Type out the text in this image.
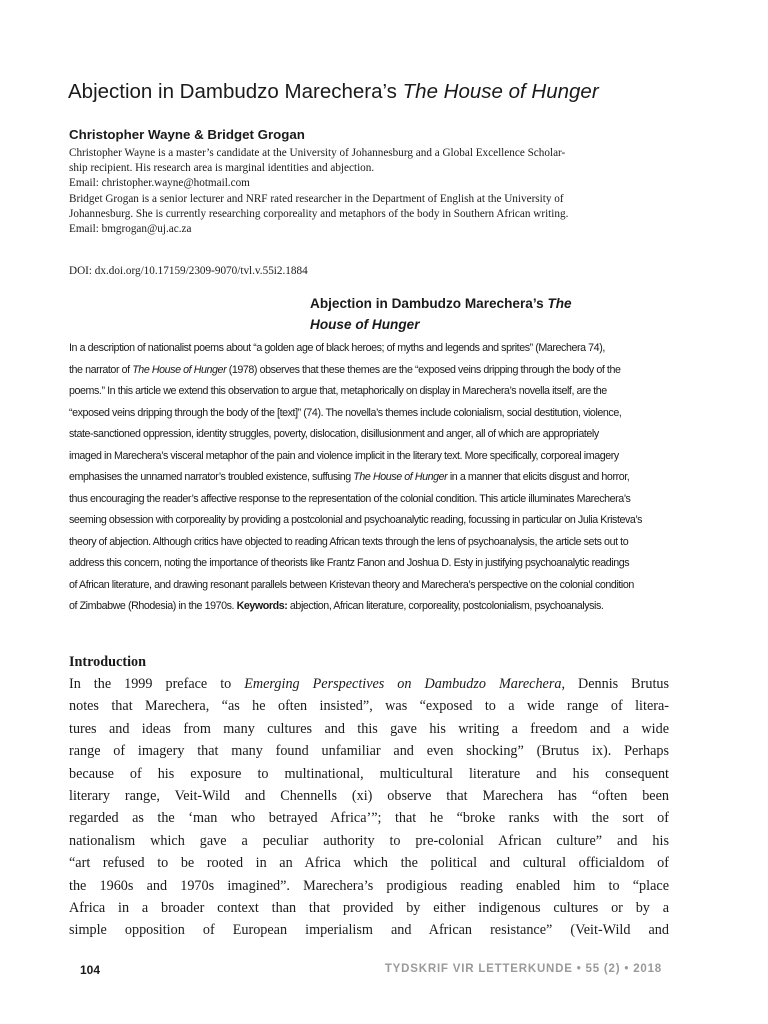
Abjection in Dambudzo Marechera’s The House of Hunger
Christopher Wayne & Bridget Grogan
Christopher Wayne is a master’s candidate at the University of Johannesburg and a Global Excellence Scholar-
ship recipient. His research area is marginal identities and abjection.
Email: christopher.wayne@hotmail.com
Bridget Grogan is a senior lecturer and NRF rated researcher in the Department of English at the University of
Johannesburg. She is currently researching corporeality and metaphors of the body in Southern African writing.
Email: bmgrogan@uj.ac.za
DOI: dx.doi.org/10.17159/2309-9070/tvl.v.55i2.1884
Abjection in Dambudzo Marechera’s The
House of Hunger
In a description of nationalist poems about “a golden age of black heroes; of myths and legends and sprites” (Marechera 74),
the narrator of The House of Hunger (1978) observes that these themes are the “exposed veins dripping through the body of the
poems.” In this article we extend this observation to argue that, metaphorically on display in Marechera’s novella itself, are the
“exposed veins dripping through the body of the [text]” (74). The novella’s themes include colonialism, social destitution, violence,
state-sanctioned oppression, identity struggles, poverty, dislocation, disillusionment and anger, all of which are appropriately
imaged in Marechera’s visceral metaphor of the pain and violence implicit in the literary text. More specifically, corporeal imagery
emphasises the unnamed narrator’s troubled existence, suffusing The House of Hunger in a manner that elicits disgust and horror,
thus encouraging the reader’s affective response to the representation of the colonial condition. This article illuminates Marechera’s
seeming obsession with corporeality by providing a postcolonial and psychoanalytic reading, focussing in particular on Julia Kristeva’s
theory of abjection. Although critics have objected to reading African texts through the lens of psychoanalysis, the article sets out to
address this concern, noting the importance of theorists like Frantz Fanon and Joshua D. Esty in justifying psychoanalytic readings
of African literature, and drawing resonant parallels between Kristevan theory and Marechera’s perspective on the colonial condition
of Zimbabwe (Rhodesia) in the 1970s. Keywords: abjection, African literature, corporeality, postcolonialism, psychoanalysis.
Introduction
In the 1999 preface to Emerging Perspectives on Dambudzo Marechera, Dennis Brutus
notes that Marechera, “as he often insisted”, was “exposed to a wide range of litera-
tures and ideas from many cultures and this gave his writing a freedom and a wide
range of imagery that many found unfamiliar and even shocking” (Brutus ix). Perhaps
because of his exposure to multinational, multicultural literature and his consequent
literary range, Veit-Wild and Chennells (xi) observe that Marechera has “often been
regarded as the ‘man who betrayed Africa’”; that he “broke ranks with the sort of
nationalism which gave a peculiar authority to pre-colonial African culture” and his
“art refused to be rooted in an Africa which the political and cultural officialdom of
the 1960s and 1970s imagined”. Marechera’s prodigious reading enabled him to “place
Africa in a broader context than that provided by either indigenous cultures or by a
simple opposition of European imperialism and African resistance” (Veit-Wild and
104	TYDSKRIF VIR LETTERKUNDE • 55 (2) • 2018
